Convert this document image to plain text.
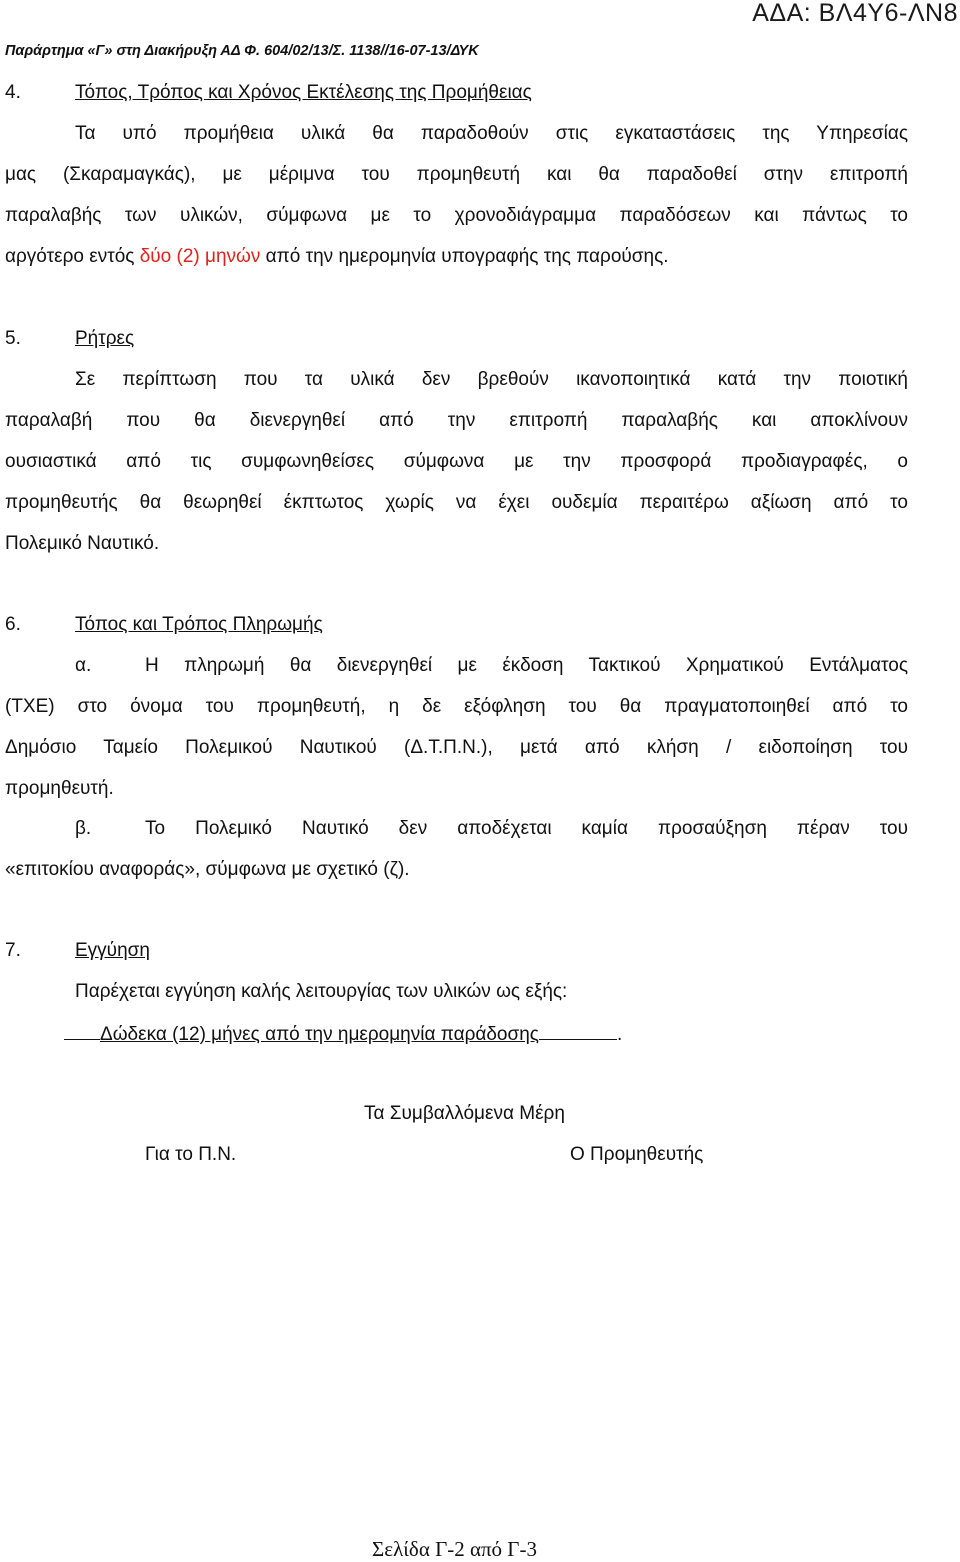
ΑΔΑ: ΒΛ4Υ6-ΛΝ8
Παράρτημα «Γ» στη Διακήρυξη ΑΔ Φ. 604/02/13/Σ. 1138//16-07-13/ΔΥΚ
4.	Τόπος, Τρόπος και Χρόνος Εκτέλεσης της Προμήθειας
Τα υπό προμήθεια υλικά θα παραδοθούν στις εγκαταστάσεις της Υπηρεσίας
μας (Σκαραμαγκάς), με μέριμνα του προμηθευτή και θα παραδοθεί στην επιτροπή
παραλαβής των υλικών, σύμφωνα με το χρονοδιάγραμμα παραδόσεων και πάντως το
αργότερο εντός δύο (2) μηνών από την ημερομηνία υπογραφής της παρούσης.
5.	Ρήτρες
Σε περίπτωση που τα υλικά δεν βρεθούν ικανοποιητικά κατά την ποιοτική
παραλαβή που θα διενεργηθεί από την επιτροπή παραλαβής και αποκλίνουν
ουσιαστικά από τις συμφωνηθείσες σύμφωνα με την προσφορά προδιαγραφές, ο
προμηθευτής θα θεωρηθεί έκπτωτος χωρίς να έχει ουδεμία περαιτέρω αξίωση από το
Πολεμικό Ναυτικό.
6.	Τόπος και Τρόπος Πληρωμής
α.	Η πληρωμή θα διενεργηθεί με έκδοση Τακτικού Χρηματικού Εντάλματος
(ΤΧΕ) στο όνομα του προμηθευτή, η δε εξόφληση του θα πραγματοποιηθεί από το
Δημόσιο Ταμείο Πολεμικού Ναυτικού (Δ.Τ.Π.Ν.), μετά από κλήση / ειδοποίηση του
προμηθευτή.
β.	Το Πολεμικό Ναυτικό δεν αποδέχεται καμία προσαύξηση πέραν του
«επιτοκίου αναφοράς», σύμφωνα με σχετικό (ζ).
7.	Εγγύηση
Παρέχεται εγγύηση καλής λειτουργίας των υλικών ως εξής:
Δώδεκα (12) μήνες από την ημερομηνία παράδοσης	.
Τα Συμβαλλόμενα Μέρη
Για το Π.Ν.	Ο Προμηθευτής
Σελίδα Γ-2 από Γ-3
